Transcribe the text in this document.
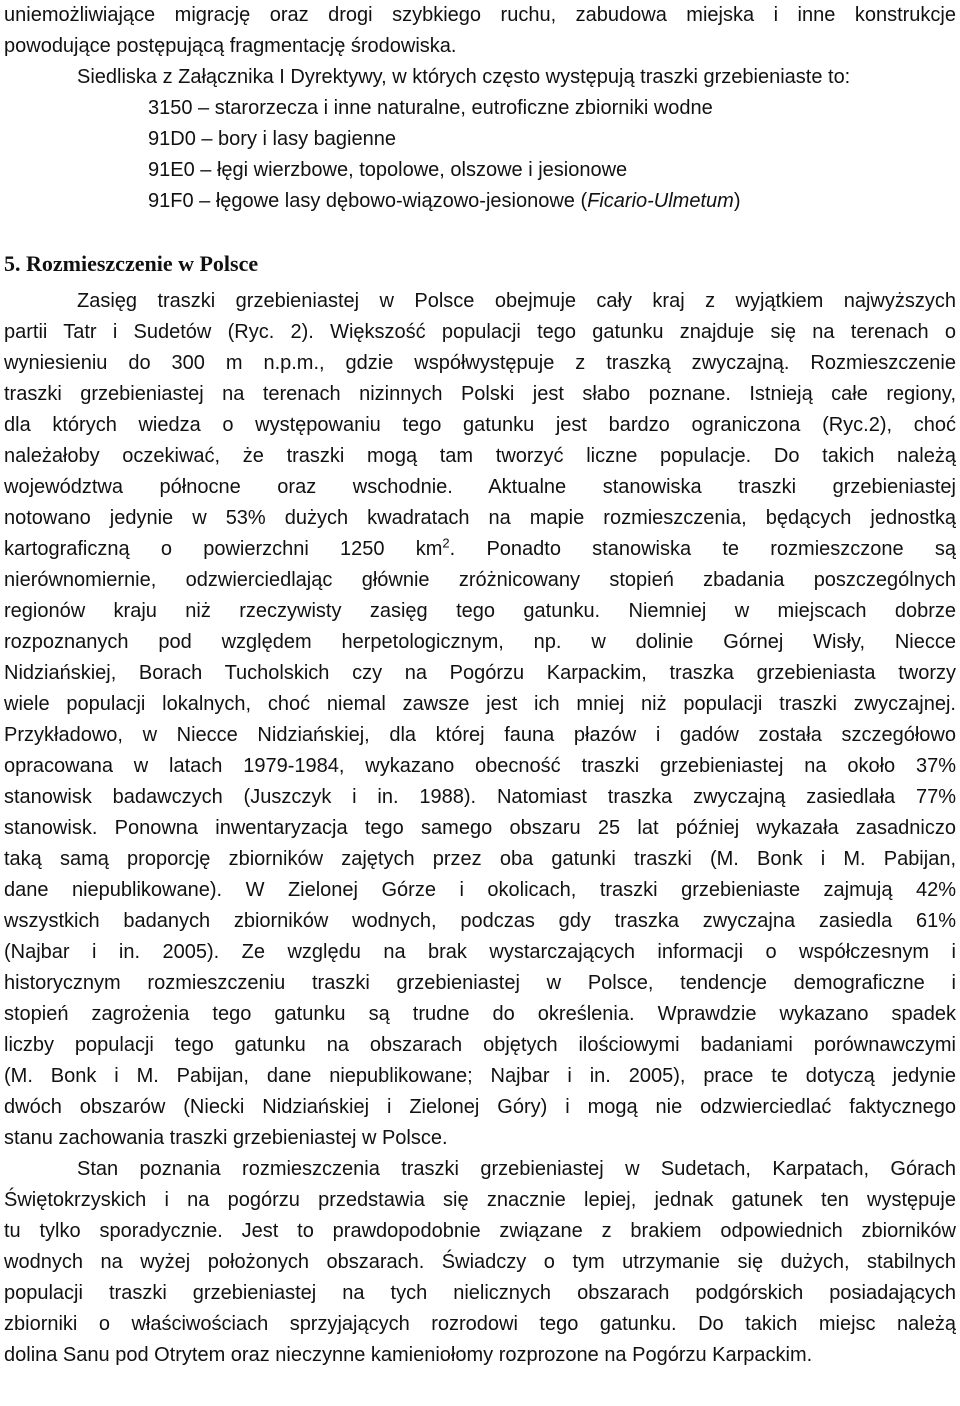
uniemożliwiające migrację oraz drogi szybkiego ruchu, zabudowa miejska i inne konstrukcje
powodujące postępującą fragmentację środowiska.
Siedliska z Załącznika I Dyrektywy, w których często występują traszki grzebieniaste to:
3150 – starorzecza i inne naturalne, eutroficzne zbiorniki wodne
91D0 – bory i lasy bagienne
91E0 – łęgi wierzbowe, topolowe, olszowe i jesionowe
91F0 – łęgowe lasy dębowo-wiązowo-jesionowe (Ficario-Ulmetum)
5. Rozmieszczenie w Polsce
Zasięg traszki grzebieniastej w Polsce obejmuje cały kraj z wyjątkiem najwyższych
partii Tatr i Sudetów (Ryc. 2). Większość populacji tego gatunku znajduje się na terenach o
wyniesieniu do 300 m n.p.m., gdzie współwystępuje z traszką zwyczajną. Rozmieszczenie
traszki grzebieniastej na terenach nizinnych Polski jest słabo poznane. Istnieją całe regiony,
dla których wiedza o występowaniu tego gatunku jest bardzo ograniczona (Ryc.2), choć
należałoby oczekiwać, że traszki mogą tam tworzyć liczne populacje. Do takich należą
województwa północne oraz wschodnie. Aktualne stanowiska traszki grzebieniastej
notowano jedynie w 53% dużych kwadratach na mapie rozmieszczenia, będących jednostką
kartograficzną o powierzchni 1250 $km^2$. Ponadto stanowiska te rozmieszczone są
nierównomiernie, odzwierciedlając głównie zróżnicowany stopień zbadania poszczególnych
regionów kraju niż rzeczywisty zasięg tego gatunku. Niemniej w miejscach dobrze
rozpoznanych pod względem herpetologicznym, np. w dolinie Górnej Wisły, Niecce
Nidziańskiej, Borach Tucholskich czy na Pogórzu Karpackim, traszka grzebieniasta tworzy
wiele populacji lokalnych, choć niemal zawsze jest ich mniej niż populacji traszki zwyczajnej.
Przykładowo, w Niecce Nidziańskiej, dla której fauna płazów i gadów została szczegółowo
opracowana w latach 1979-1984, wykazano obecność traszki grzebieniastej na około 37%
stanowisk badawczych (Juszczyk i in. 1988). Natomiast traszka zwyczajną zasiedlała 77%
stanowisk. Ponowna inwentaryzacja tego samego obszaru 25 lat później wykazała zasadniczo
taką samą proporcję zbiorników zajętych przez oba gatunki traszki (M. Bonk i M. Pabijan,
dane niepublikowane). W Zielonej Górze i okolicach, traszki grzebieniaste zajmują 42%
wszystkich badanych zbiorników wodnych, podczas gdy traszka zwyczajna zasiedla 61%
(Najbar i in. 2005). Ze względu na brak wystarczających informacji o współczesnym i
historycznym rozmieszczeniu traszki grzebieniastej w Polsce, tendencje demograficzne i
stopień zagrożenia tego gatunku są trudne do określenia. Wprawdzie wykazano spadek
liczby populacji tego gatunku na obszarach objętych ilościowymi badaniami porównawczymi
(M. Bonk i M. Pabijan, dane niepublikowane; Najbar i in. 2005), prace te dotyczą jedynie
dwóch obszarów (Niecki Nidziańskiej i Zielonej Góry) i mogą nie odzwierciedlać faktycznego
stanu zachowania traszki grzebieniastej w Polsce.
Stan poznania rozmieszczenia traszki grzebieniastej w Sudetach, Karpatach, Górach
Świętokrzyskich i na pogórzu przedstawia się znacznie lepiej, jednak gatunek ten występuje
tu tylko sporadycznie. Jest to prawdopodobnie związane z brakiem odpowiednich zbiorników
wodnych na wyżej położonych obszarach. Świadczy o tym utrzymanie się dużych, stabilnych
populacji traszki grzebieniastej na tych nielicznych obszarach podgórskich posiadających
zbiorniki o właściwościach sprzyjających rozrodowi tego gatunku. Do takich miejsc należą
dolina Sanu pod Otrytem oraz nieczynne kamieniołomy rozprozone na Pogórzu Karpackim.
